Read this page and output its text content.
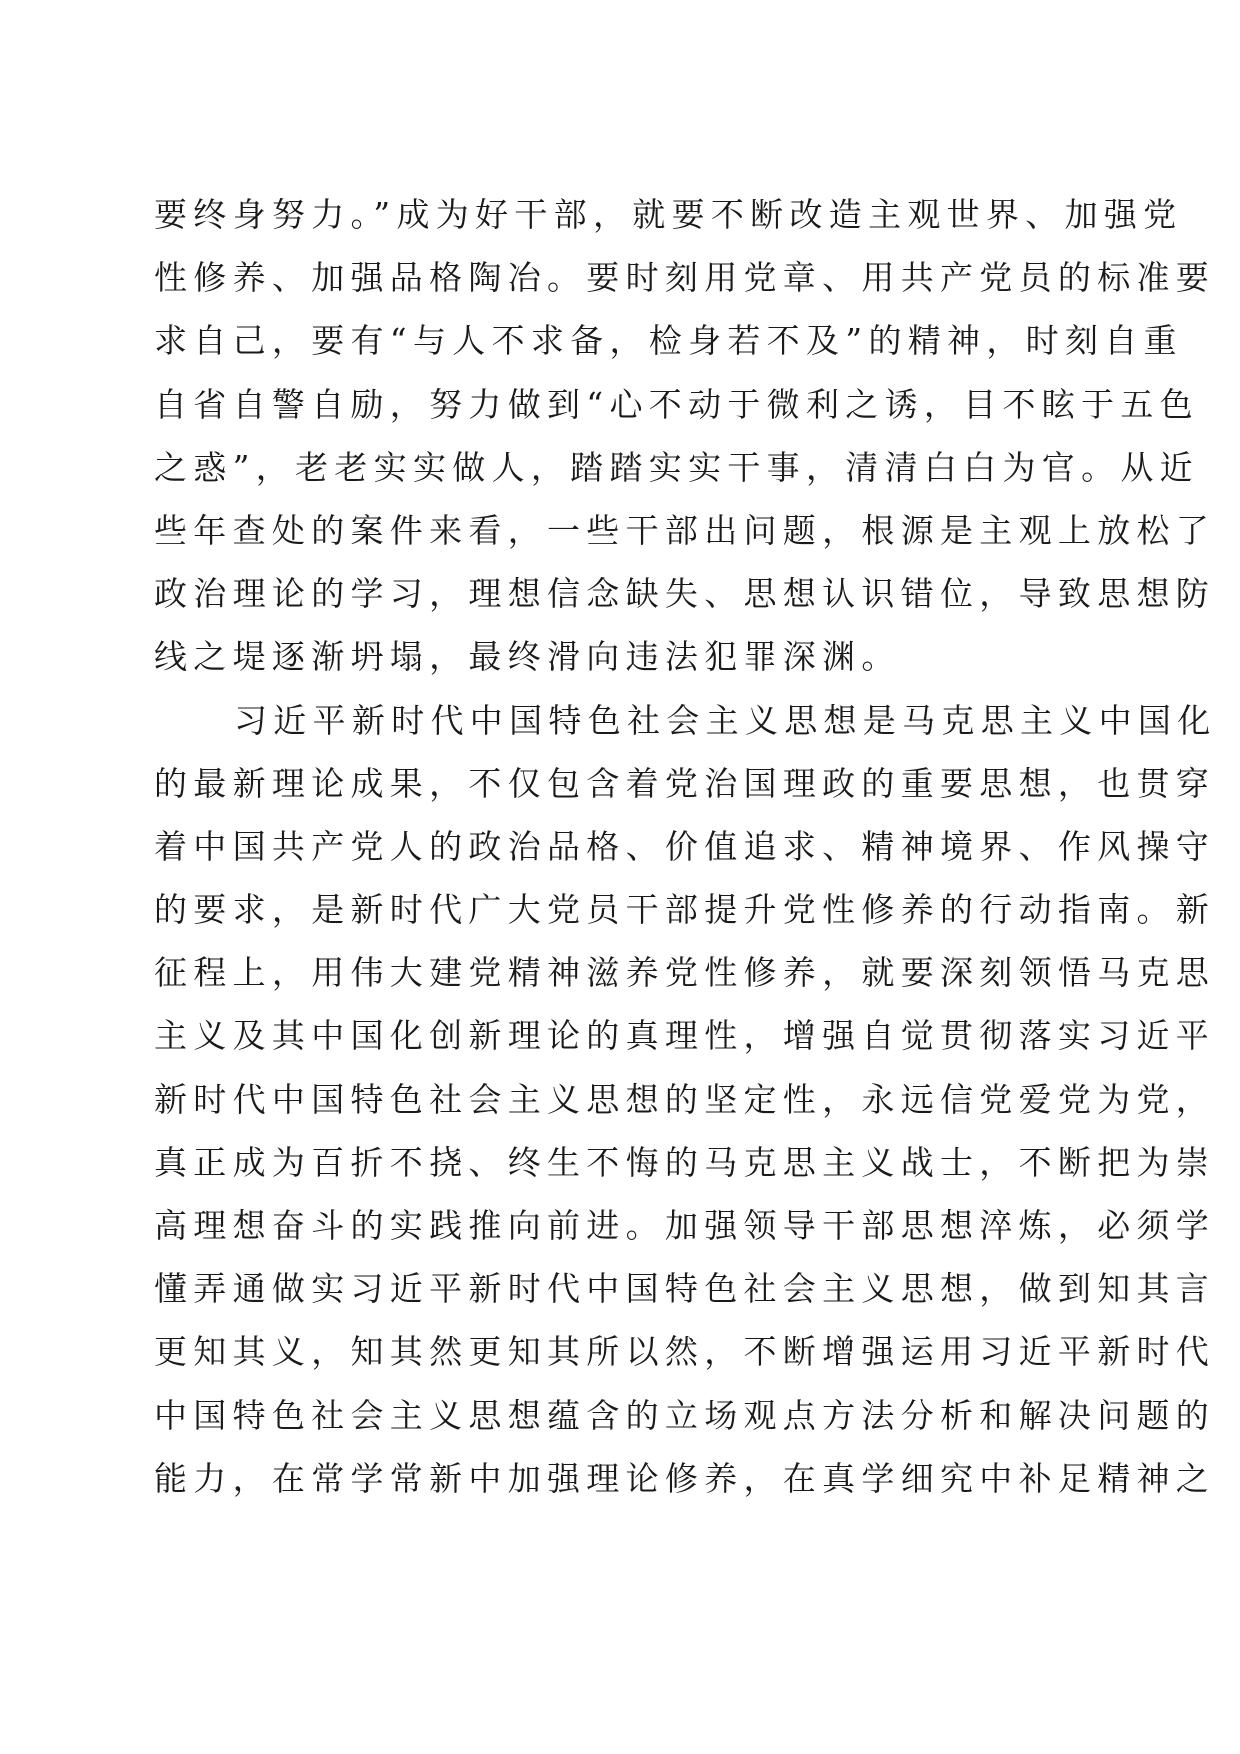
要终身努力。”成为好干部，就要不断改造主观世界、加强党
性修养、加强品格陶冶。要时刻用党章、用共产党员的标准要
求自己，要有“与人不求备，检身若不及”的精神，时刻自重
自省自警自励，努力做到“心不动于微利之诱，目不眩于五色
之惑”，老老实实做人，踏踏实实干事，清清白白为官。从近
些年查处的案件来看，一些干部出问题，根源是主观上放松了
政治理论的学习，理想信念缺失、思想认识错位，导致思想防
线之堤逐渐坍塌，最终滑向违法犯罪深渊。
习近平新时代中国特色社会主义思想是马克思主义中国化
的最新理论成果，不仅包含着党治国理政的重要思想，也贯穿
着中国共产党人的政治品格、价值追求、精神境界、作风操守
的要求，是新时代广大党员干部提升党性修养的行动指南。新
征程上，用伟大建党精神滋养党性修养，就要深刻领悟马克思
主义及其中国化创新理论的真理性，增强自觉贯彻落实习近平
新时代中国特色社会主义思想的坚定性，永远信党爱党为党，
真正成为百折不挠、终生不悔的马克思主义战士，不断把为崇
高理想奋斗的实践推向前进。加强领导干部思想淬炼，必须学
懂弄通做实习近平新时代中国特色社会主义思想，做到知其言
更知其义，知其然更知其所以然，不断增强运用习近平新时代
中国特色社会主义思想蕴含的立场观点方法分析和解决问题的
能力，在常学常新中加强理论修养，在真学细究中补足精神之
